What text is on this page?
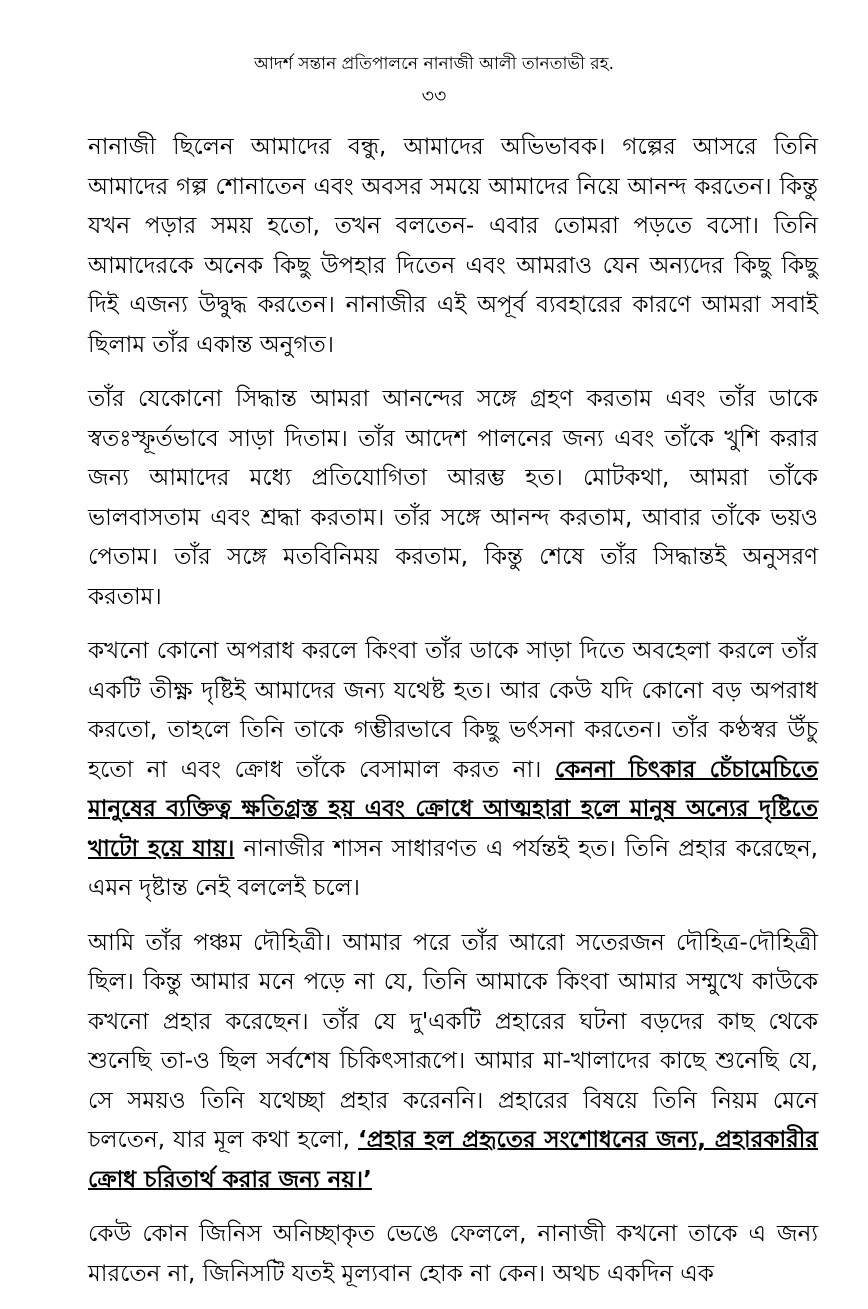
আদর্শ সন্তান প্রতিপালনে নানাজী আলী তানতাভী রহ.
৩৩

নানাজী ছিলেন আমাদের বন্ধু, আমাদের অভিভাবক। গল্পের আসরে তিনি আমাদের গল্প শোনাতেন এবং অবসর সময়ে আমাদের নিয়ে আনন্দ করতেন। কিন্তু যখন পড়ার সময় হতো, তখন বলতেন- এবার তোমরা পড়তে বসো। তিনি আমাদেরকে অনেক কিছু উপহার দিতেন এবং আমরাও যেন অন্যদের কিছু কিছু দিই এজন্য উদ্বুদ্ধ করতেন। নানাজীর এই অপূর্ব ব্যবহারের কারণে আমরা সবাই ছিলাম তাঁর একান্ত অনুগত।

তাঁর যেকোনো সিদ্ধান্ত আমরা আনন্দের সঙ্গে গ্রহণ করতাম এবং তাঁর ডাকে স্বতঃস্ফূর্তভাবে সাড়া দিতাম। তাঁর আদেশ পালনের জন্য এবং তাঁকে খুশি করার জন্য আমাদের মধ্যে প্রতিযোগিতা আরম্ভ হত। মোটকথা, আমরা তাঁকে ভালবাসতাম এবং শ্রদ্ধা করতাম। তাঁর সঙ্গে আনন্দ করতাম, আবার তাঁকে ভয়ও পেতাম। তাঁর সঙ্গে মতবিনিময় করতাম, কিন্তু শেষে তাঁর সিদ্ধান্তই অনুসরণ করতাম।

কখনো কোনো অপরাধ করলে কিংবা তাঁর ডাকে সাড়া দিতে অবহেলা করলে তাঁর একটি তীক্ষ্ণ দৃষ্টিই আমাদের জন্য যথেষ্ট হত। আর কেউ যদি কোনো বড় অপরাধ করতো, তাহলে তিনি তাকে গম্ভীরভাবে কিছু ভর্ৎসনা করতেন। তাঁর কণ্ঠস্বর উঁচু হতো না এবং ক্রোধ তাঁকে বেসামাল করত না। কেননা চিৎকার চেঁচামেচিতে মানুষের ব্যক্তিত্ব ক্ষতিগ্রস্ত হয় এবং ক্রোধে আত্মহারা হলে মানুষ অন্যের দৃষ্টিতে খাটো হয়ে যায়। নানাজীর শাসন সাধারণত এ পর্যন্তই হত। তিনি প্রহার করেছেন, এমন দৃষ্টান্ত নেই বললেই চলে।

আমি তাঁর পঞ্চম দৌহিত্রী। আমার পরে তাঁর আরো সতেরজন দৌহিত্র-দৌহিত্রী ছিল। কিন্তু আমার মনে পড়ে না যে, তিনি আমাকে কিংবা আমার সম্মুখে কাউকে কখনো প্রহার করেছেন। তাঁর যে দু'একটি প্রহারের ঘটনা বড়দের কাছ থেকে শুনেছি তা-ও ছিল সর্বশেষ চিকিৎসারূপে। আমার মা-খালাদের কাছে শুনেছি যে, সে সময়ও তিনি যথেচ্ছা প্রহার করেননি। প্রহারের বিষয়ে তিনি নিয়ম মেনে চলতেন, যার মূল কথা হলো, ‘প্রহার হল প্রহৃতের সংশোধনের জন্য, প্রহারকারীর ক্রোধ চরিতার্থ করার জন্য নয়।’

কেউ কোন জিনিস অনিচ্ছাকৃত ভেঙে ফেললে, নানাজী কখনো তাকে এ জন্য মারতেন না, জিনিসটি যতই মূল্যবান হোক না কেন। অথচ একদিন এক
